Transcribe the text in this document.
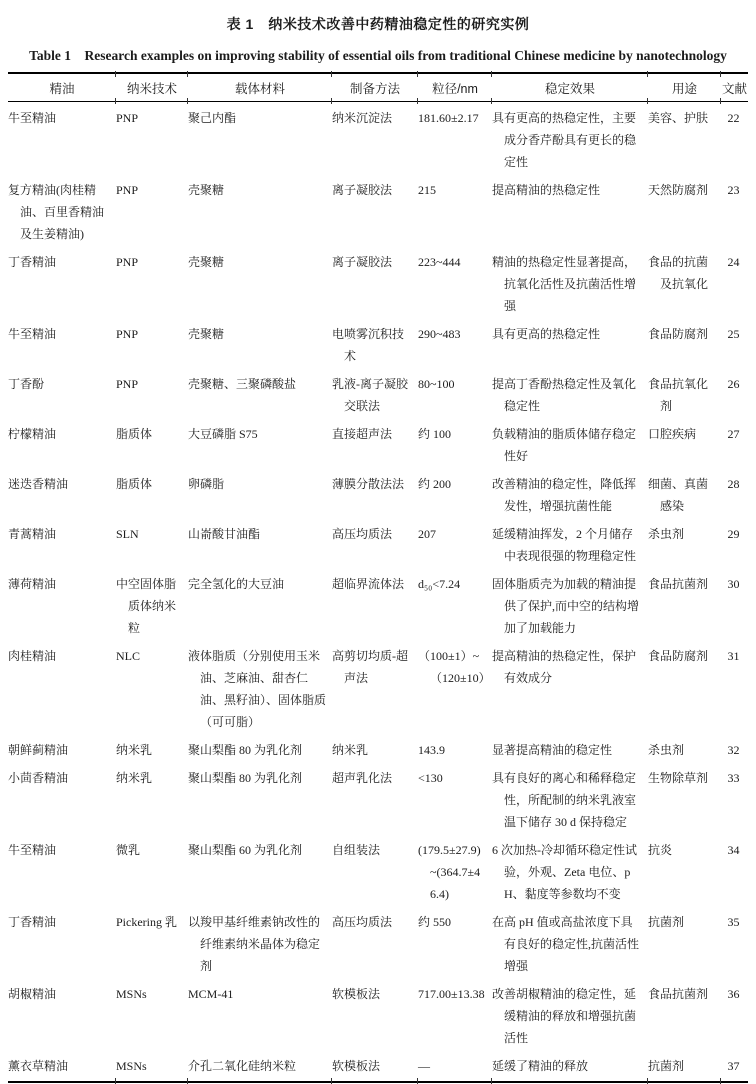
表 1　纳米技术改善中药精油稳定性的研究实例
Table 1　Research examples on improving stability of essential oils from traditional Chinese medicine by nanotechnology
精油	纳米技术	载体材料	制备方法	粒径/nm	稳定效果	用途	文献

牛至精油	PNP	聚己内酯	纳米沉淀法	181.60±2.17	具有更高的热稳定性，主要成分香芹酚具有更长的稳定性	美容、护肤	22

复方精油(肉桂精油、百里香精油及生姜精油)	PNP	壳聚糖	离子凝胶法	215	提高精油的热稳定性	天然防腐剂	23

丁香精油	PNP	壳聚糖	离子凝胶法	223~444	精油的热稳定性显著提高，抗氧化活性及抗菌活性增强	食品的抗菌及抗氧化	24

牛至精油	PNP	壳聚糖	电喷雾沉积技术	290~483	具有更高的热稳定性	食品防腐剂	25

丁香酚	PNP	壳聚糖、三聚磷酸盐	乳液-离子凝胶交联法	80~100	提高丁香酚热稳定性及氧化稳定性	食品抗氧化剂	26

柠檬精油	脂质体	大豆磷脂 S75	直接超声法	约 100	负载精油的脂质体储存稳定性好	口腔疾病	27

迷迭香精油	脂质体	卵磷脂	薄膜分散法法	约 200	改善精油的稳定性，降低挥发性，增强抗菌性能	细菌、真菌感染	28

青蒿精油	SLN	山嵛酸甘油酯	高压均质法	207	延缓精油挥发，2 个月储存中表现很强的物理稳定性	杀虫剂	29

薄荷精油	中空固体脂质体纳米粒	完全氢化的大豆油	超临界流体法	d₅₀<7.24	固体脂质壳为加载的精油提供了保护,而中空的结构增加了加载能力	食品抗菌剂	30

肉桂精油	NLC	液体脂质（分别使用玉米油、芝麻油、甜杏仁油、黑籽油）、固体脂质（可可脂）	高剪切均质-超声法	（100±1）~（120±10）	提高精油的热稳定性，保护有效成分	食品防腐剂	31

朝鲜蓟精油	纳米乳	聚山梨酯 80 为乳化剂	纳米乳	143.9	显著提高精油的稳定性	杀虫剂	32

小茴香精油	纳米乳	聚山梨酯 80 为乳化剂	超声乳化法	<130	具有良好的离心和稀释稳定性，所配制的纳米乳液室温下储存 30 d 保持稳定	生物除草剂	33

牛至精油	微乳	聚山梨酯 60 为乳化剂	自组装法	(179.5±27.9)~(364.7±46.4)	6 次加热-冷却循环稳定性试验，外观、Zeta 电位、pH、黏度等参数均不变	抗炎	34

丁香精油	Pickering 乳	以羧甲基纤维素钠改性的纤维素纳米晶体为稳定剂	高压均质法	约 550	在高 pH 值或高盐浓度下具有良好的稳定性,抗菌活性增强	抗菌剂	35

胡椒精油	MSNs	MCM-41	软模板法	717.00±13.38	改善胡椒精油的稳定性，延缓精油的释放和增强抗菌活性	食品抗菌剂	36

薰衣草精油	MSNs	介孔二氧化硅纳米粒	软模板法	—	延缓了精油的释放	抗菌剂	37
